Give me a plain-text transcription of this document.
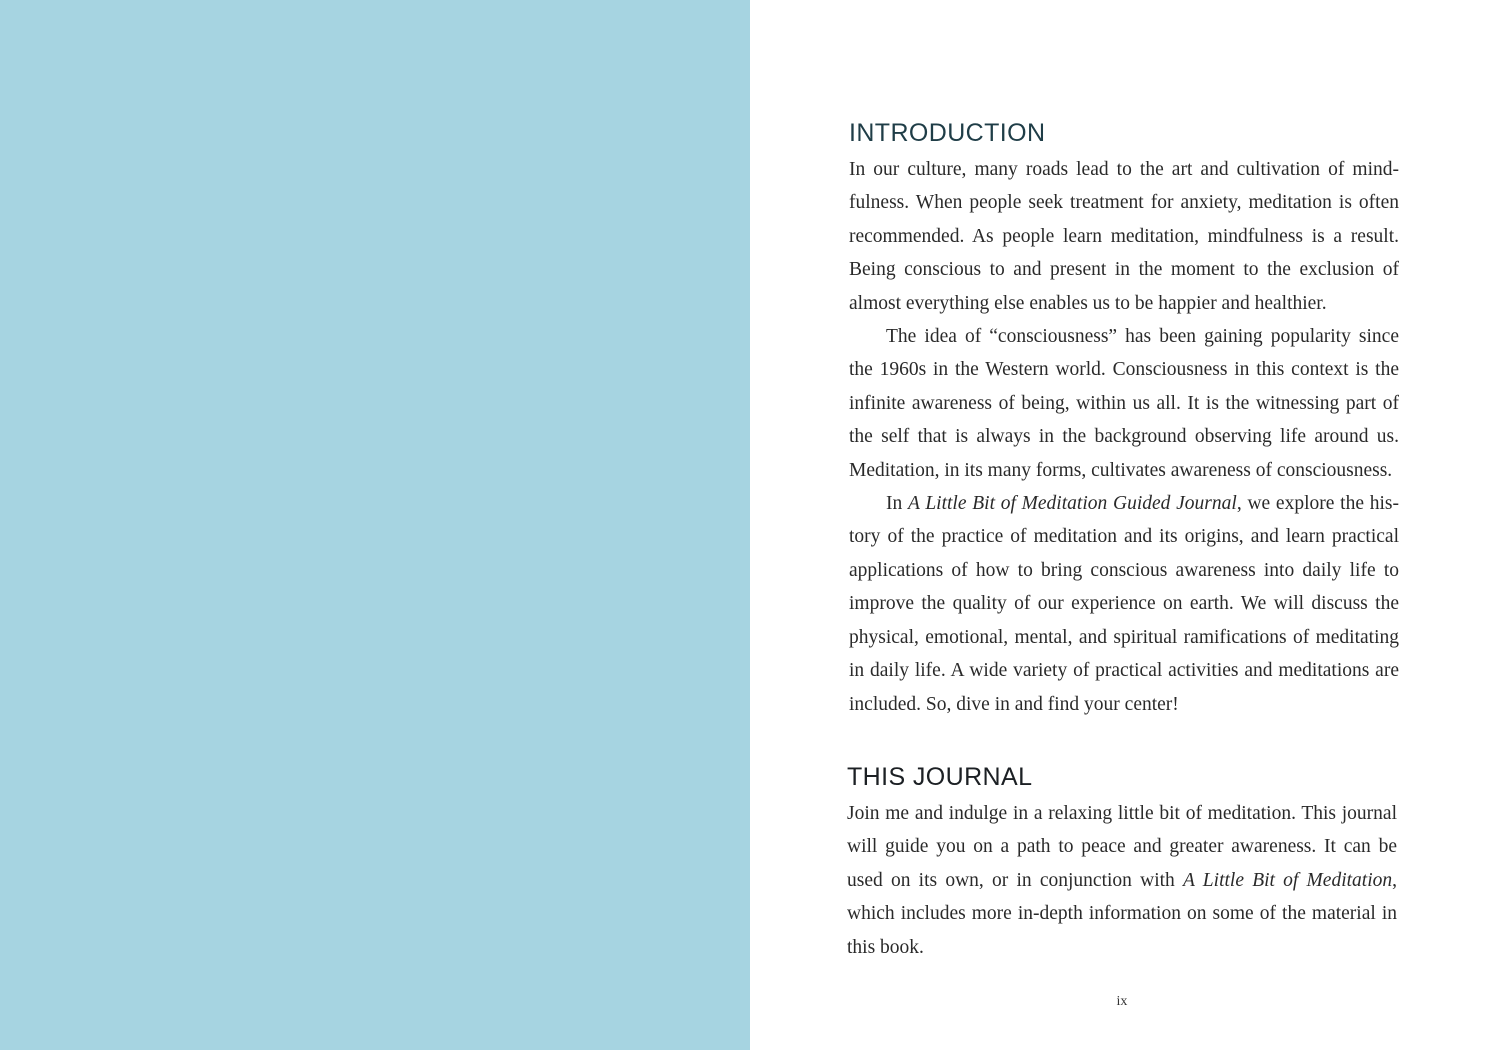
INTRODUCTION

In our culture, many roads lead to the art and cultivation of mindfulness. When people seek treatment for anxiety, meditation is often recommended. As people learn meditation, mindfulness is a result. Being conscious to and present in the moment to the exclusion of almost everything else enables us to be happier and healthier.

The idea of “consciousness” has been gaining popularity since the 1960s in the Western world. Consciousness in this context is the infinite awareness of being, within us all. It is the witnessing part of the self that is always in the background observing life around us. Meditation, in its many forms, cultivates awareness of consciousness.

In A Little Bit of Meditation Guided Journal, we explore the history of the practice of meditation and its origins, and learn practical applications of how to bring conscious awareness into daily life to improve the quality of our experience on earth. We will discuss the physical, emotional, mental, and spiritual ramifications of meditating in daily life. A wide variety of practical activities and meditations are included. So, dive in and find your center!

THIS JOURNAL

Join me and indulge in a relaxing little bit of meditation. This journal will guide you on a path to peace and greater awareness. It can be used on its own, or in conjunction with A Little Bit of Meditation, which includes more in-depth information on some of the material in this book.

ix
